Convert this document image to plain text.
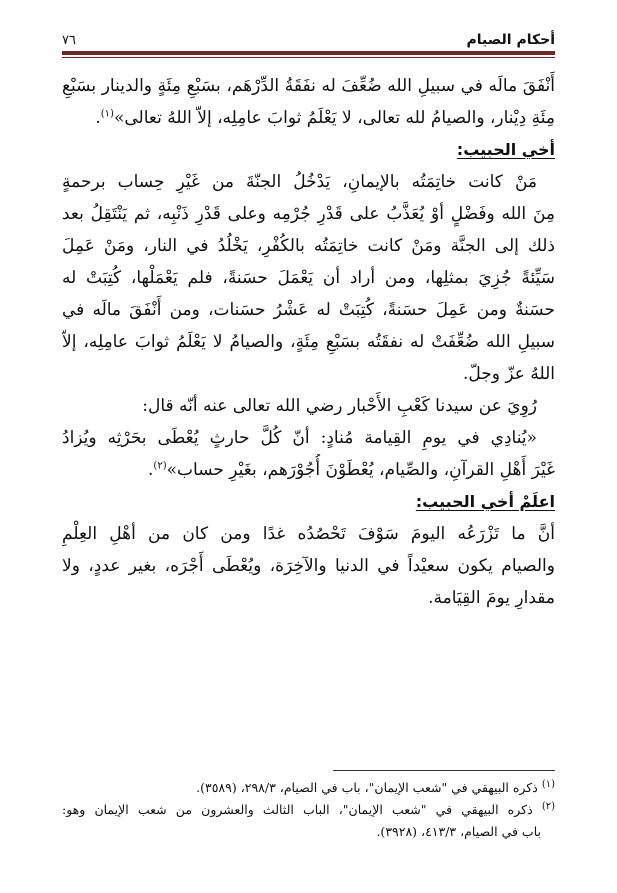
أحكام الصيام
٧٦
أَنْفَقَ مالَه في سبيلِ الله ضُعِّفَ له نفَقَةُ الدِّرْهَم، بسَبْعِ مِئَةٍ والدينار بسَبْعِ
مِئَةِ دِيْنار، والصيامُ لله تعالى، لا يَعْلَمُ ثوابَ عامِلِه، إلاّ اللهُ تعالى»$^{(١)}$.
أخي الحبيب:
مَنْ كانت خاتِمَتُه بالإيمانِ، يَدْخُلُ الجنّةَ من غَيْرِ حِساب برحمةٍ
مِنَ الله وفَضْلٍ أوْ يُعَذَّبُ على قَدْرِ جُرْمِه وعلى قَدْرِ ذَنْبِه، ثم يَنْتَقِلُ بعد
ذلك إلى الجنَّة ومَنْ كانت خاتِمَتُه بالكُفْرِ، يَخْلُدُ في النار، ومَنْ عَمِلَ
سَيِّئةً جُزِيَ بمثلِها، ومن أراد أن يَعْمَلَ حسَنةً، فلم يَعْمَلْها، كُتِبَتْ له
حسَنةٌ ومن عَمِلَ حسَنةً، كُتِبَتْ له عَشْرُ حسَنات، ومن أَنْفَقَ مالَه في
سبيلِ الله ضُعِّفَتْ له نفقَتُه بسَبْعِ مِئَةٍ، والصيامُ لا يَعْلَمُ ثوابَ عامِلِه، إلاّ
اللهُ عزّ وجلّ.
رُوِيَ عن سيدنا كَعْبِ الأَحْبار رضي الله تعالى عنه أنّه قال:
«يُنادِي في يومِ القِيامة مُنادٍ: أنّ كُلَّ حارثٍ يُعْطَى بحَرْثِه ويُزادُ
غَيْرَ أَهْلِ القرآنِ، والصِّيام، يُعْطَوْنَ أُجُوْرَهم، بغَيْرِ حساب»$^{(٢)}$.
اعلَمْ أخي الحبيب:
أنَّ ما تَزْرَعُه اليومَ سَوْفَ تَحْصُدُه غدًا ومن كان من أهْلِ العِلْمِ
والصيام يكون سعيْداً في الدنيا والآخِرَة، ويُعْطَى أَجْرَه، بغير عددٍ، ولا
مقدارِ يومَ القِيَامة.
$^{(١)}$ ذكره البيهقي في "شعب الإيمان"، باب في الصيام، ٢٩٨/٣، (٣٥٨٩).
$^{(٢)}$ ذكره البيهقي في "شعب الإيمان"، الباب الثالث والعشرون من شعب الإيمان وهو:
باب في الصيام، ٤١٣/٣، (٣٩٢٨).
